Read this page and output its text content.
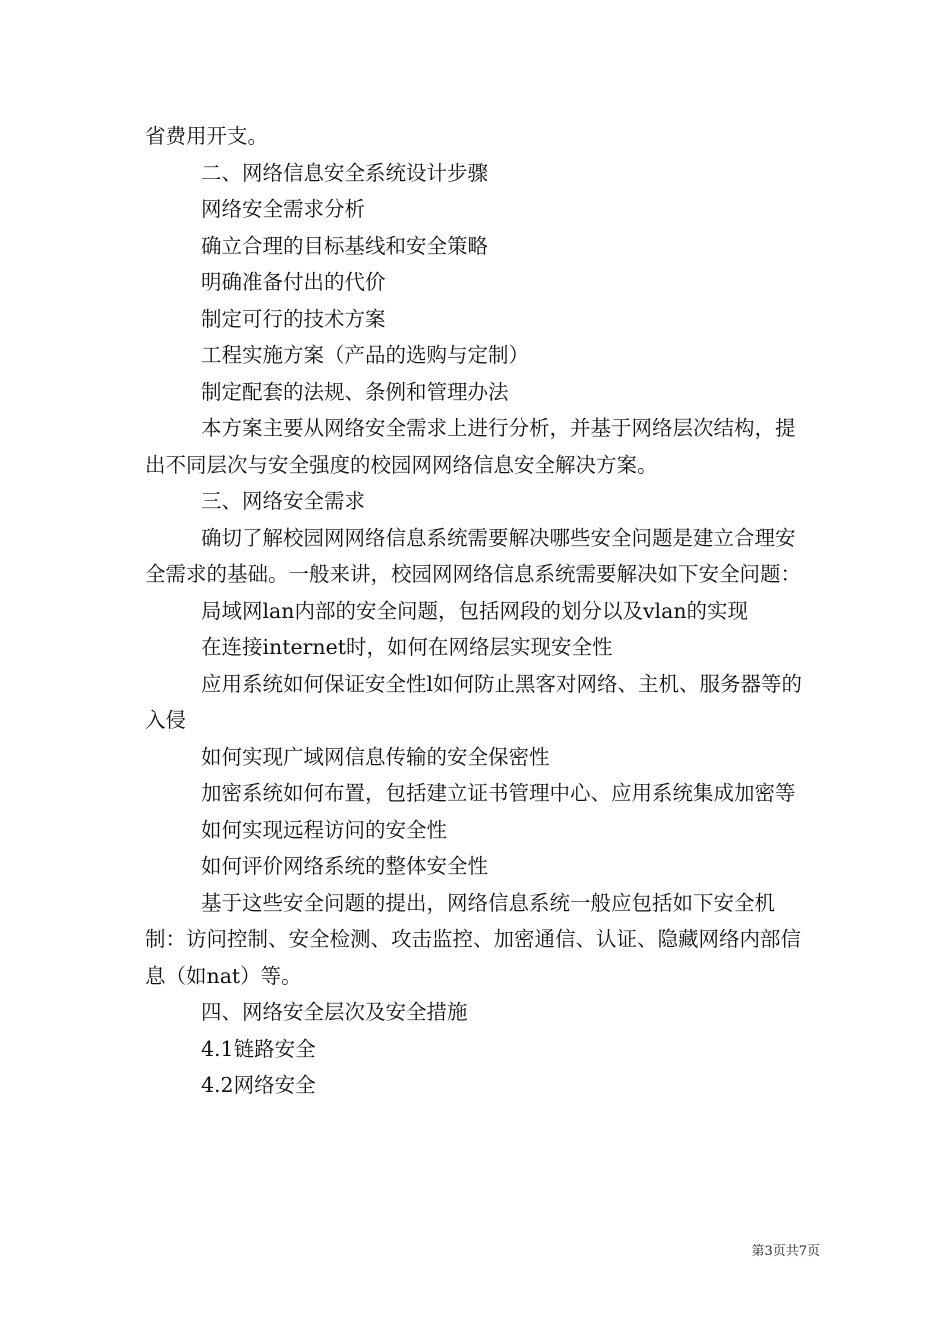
省费用开支。

二、网络信息安全系统设计步骤

网络安全需求分析

确立合理的目标基线和安全策略

明确准备付出的代价

制定可行的技术方案

工程实施方案（产品的选购与定制）

制定配套的法规、条例和管理办法

本方案主要从网络安全需求上进行分析，并基于网络层次结构，提出不同层次与安全强度的校园网网络信息安全解决方案。

三、网络安全需求

确切了解校园网网络信息系统需要解决哪些安全问题是建立合理安全需求的基础。一般来讲，校园网网络信息系统需要解决如下安全问题：

局域网lan内部的安全问题，包括网段的划分以及vlan的实现

在连接internet时，如何在网络层实现安全性

应用系统如何保证安全性l如何防止黑客对网络、主机、服务器等的入侵

如何实现广域网信息传输的安全保密性

加密系统如何布置，包括建立证书管理中心、应用系统集成加密等

如何实现远程访问的安全性

如何评价网络系统的整体安全性

基于这些安全问题的提出，网络信息系统一般应包括如下安全机制：访问控制、安全检测、攻击监控、加密通信、认证、隐藏网络内部信息（如nat）等。

四、网络安全层次及安全措施

4.1链路安全

4.2网络安全

第3页共7页
